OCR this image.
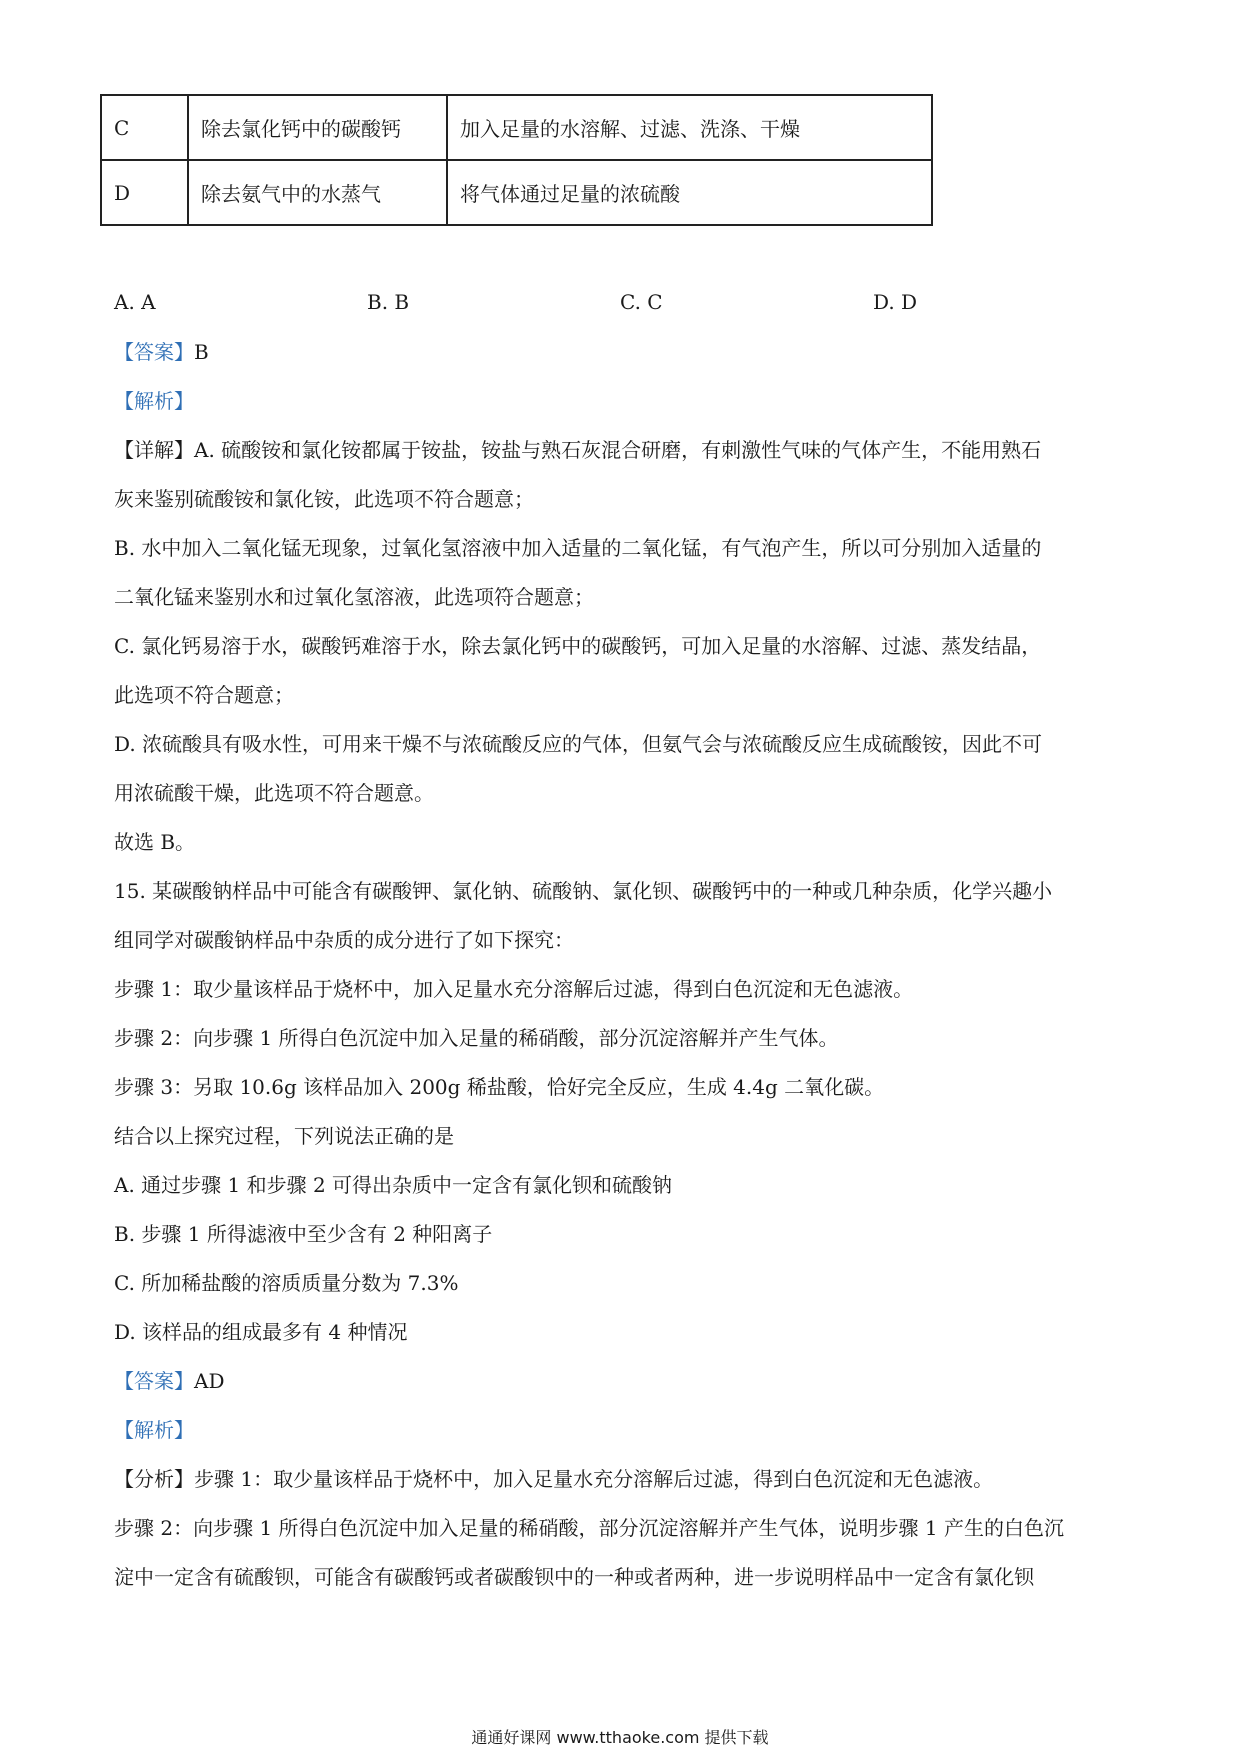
C	除去氯化钙中的碳酸钙	加入足量的水溶解、过滤、洗涤、干燥
D	除去氨气中的水蒸气	将气体通过足量的浓硫酸
A. A	B. B	C. C	D. D
【答案】B
【解析】
【详解】A. 硫酸铵和氯化铵都属于铵盐，铵盐与熟石灰混合研磨，有刺激性气味的气体产生，不能用熟石
灰来鉴别硫酸铵和氯化铵，此选项不符合题意；
B. 水中加入二氧化锰无现象，过氧化氢溶液中加入适量的二氧化锰，有气泡产生，所以可分别加入适量的
二氧化锰来鉴别水和过氧化氢溶液，此选项符合题意；
C. 氯化钙易溶于水，碳酸钙难溶于水，除去氯化钙中的碳酸钙，可加入足量的水溶解、过滤、蒸发结晶，
此选项不符合题意；
D. 浓硫酸具有吸水性，可用来干燥不与浓硫酸反应的气体，但氨气会与浓硫酸反应生成硫酸铵，因此不可
用浓硫酸干燥，此选项不符合题意。
故选 B。
15. 某碳酸钠样品中可能含有碳酸钾、氯化钠、硫酸钠、氯化钡、碳酸钙中的一种或几种杂质，化学兴趣小
组同学对碳酸钠样品中杂质的成分进行了如下探究：
步骤 1：取少量该样品于烧杯中，加入足量水充分溶解后过滤，得到白色沉淀和无色滤液。
步骤 2：向步骤 1 所得白色沉淀中加入足量的稀硝酸，部分沉淀溶解并产生气体。
步骤 3：另取 10.6g 该样品加入 200g 稀盐酸，恰好完全反应，生成 4.4g 二氧化碳。
结合以上探究过程，下列说法正确的是
A. 通过步骤 1 和步骤 2 可得出杂质中一定含有氯化钡和硫酸钠
B. 步骤 1 所得滤液中至少含有 2 种阳离子
C. 所加稀盐酸的溶质质量分数为 7.3%
D. 该样品的组成最多有 4 种情况
【答案】AD
【解析】
【分析】步骤 1：取少量该样品于烧杯中，加入足量水充分溶解后过滤，得到白色沉淀和无色滤液。
步骤 2：向步骤 1 所得白色沉淀中加入足量的稀硝酸，部分沉淀溶解并产生气体，说明步骤 1 产生的白色沉
淀中一定含有硫酸钡，可能含有碳酸钙或者碳酸钡中的一种或者两种，进一步说明样品中一定含有氯化钡
通通好课网 www.tthaoke.com 提供下载
